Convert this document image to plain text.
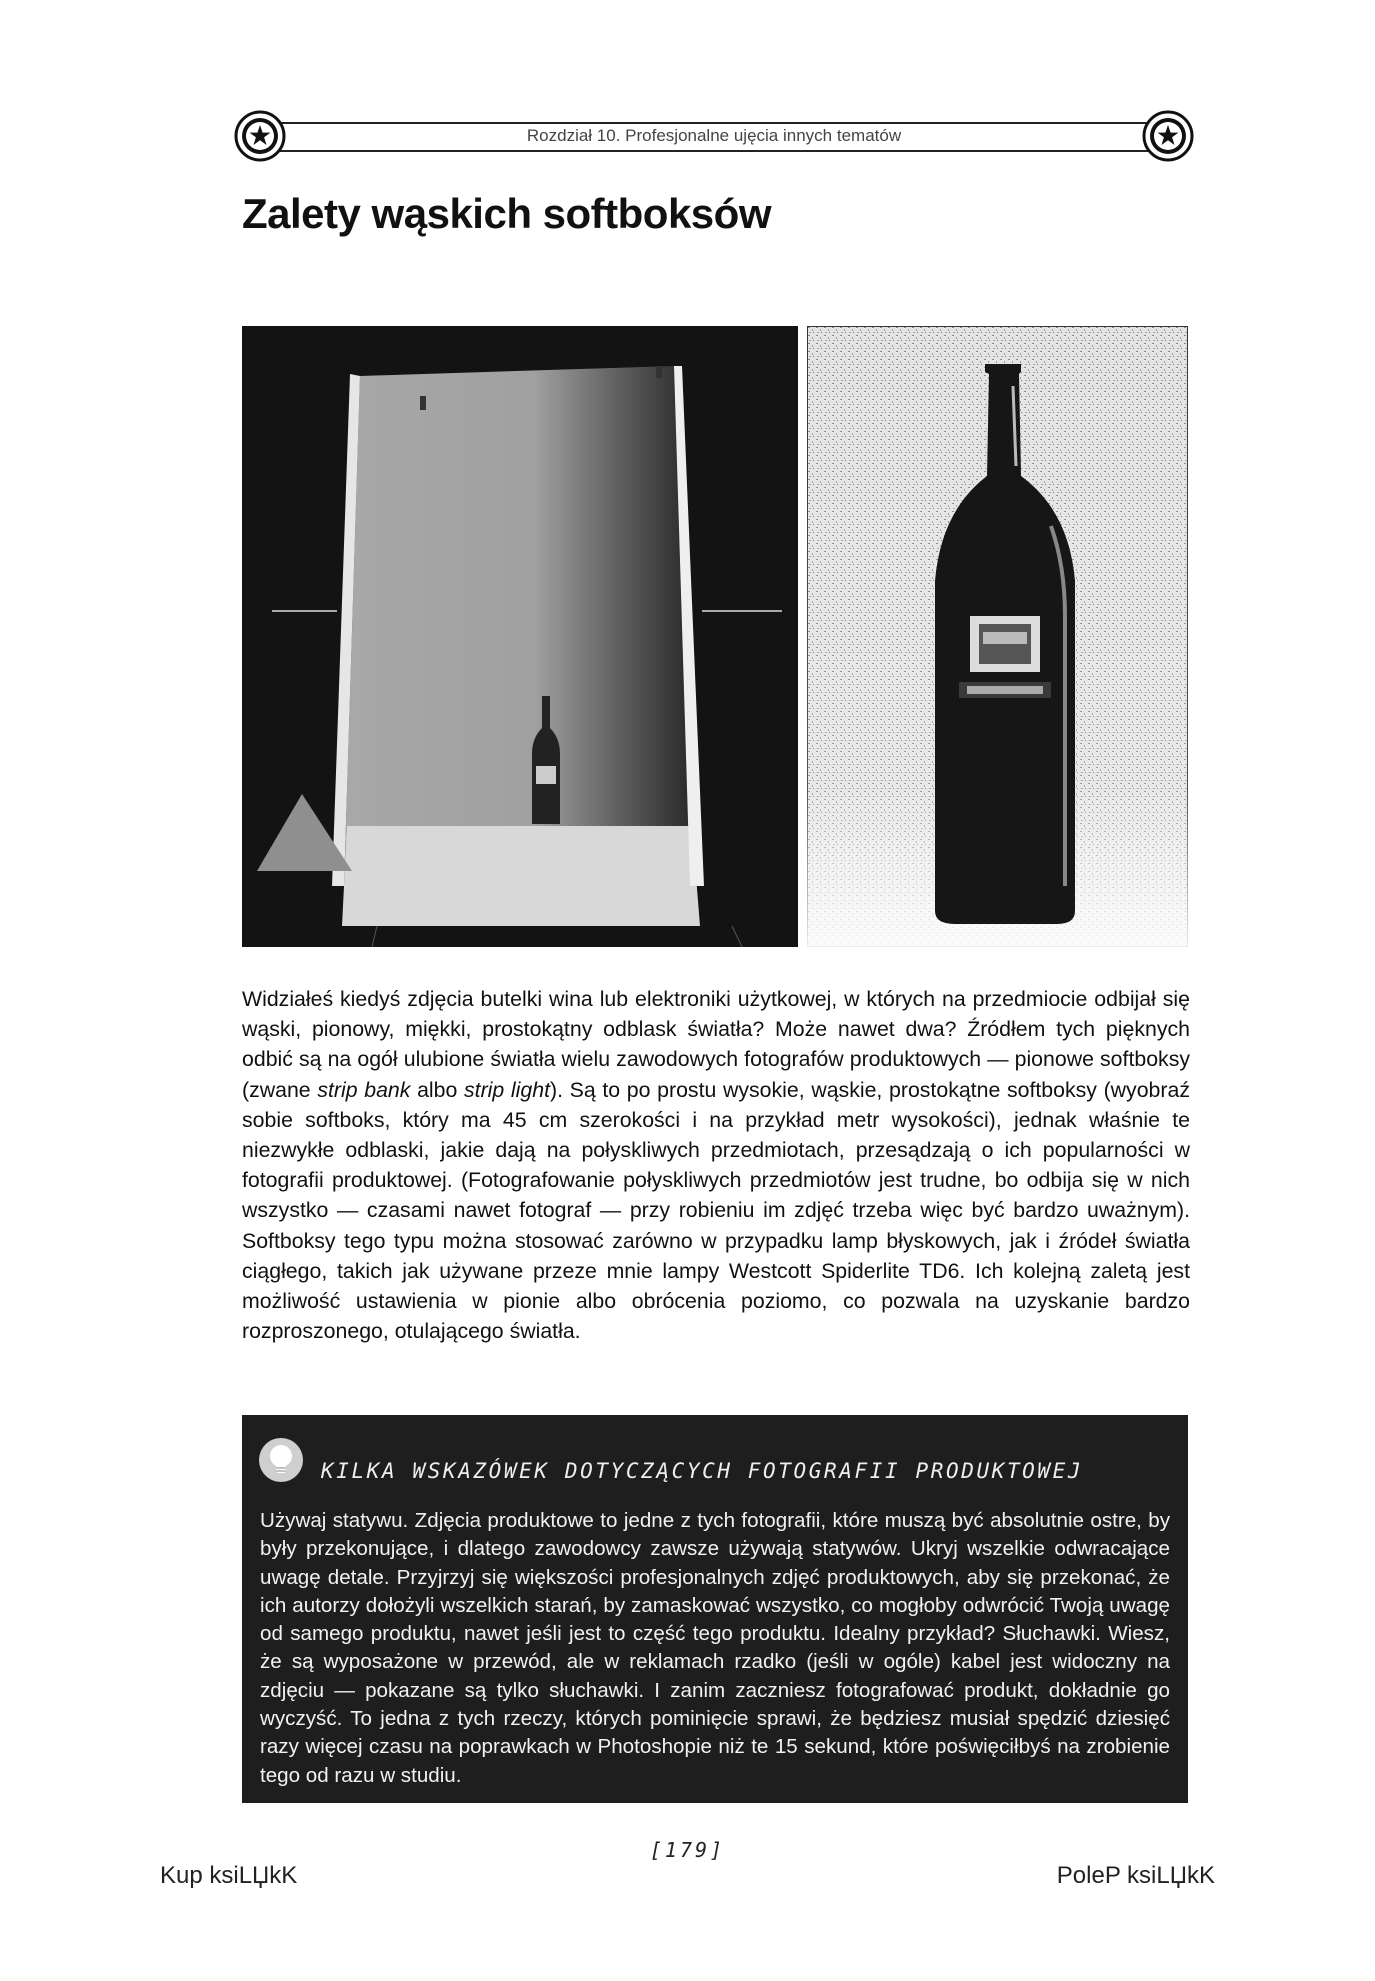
Rozdział 10. Profesjonalne ujęcia innych tematów
Zalety wąskich softboksów

Widziałeś kiedyś zdjęcia butelki wina lub elektroniki użytkowej, w których na przedmiocie odbijał się wąski, pionowy, miękki, prostokątny odblask światła? Może nawet dwa? Źródłem tych pięknych odbić są na ogół ulubione światła wielu zawodowych fotografów produktowych — pionowe softboksy (zwane strip bank albo strip light). Są to po prostu wysokie, wąskie, prostokątne softboksy (wyobraź sobie softboks, który ma 45 cm szerokości i na przykład metr wysokości), jednak właśnie te niezwykłe odblaski, jakie dają na połyskliwych przedmiotach, przesądzają o ich popularności w fotografii produktowej. (Fotografowanie połyskliwych przedmiotów jest trudne, bo odbija się w nich wszystko — czasami nawet fotograf — przy robieniu im zdjęć trzeba więc być bardzo uważnym). Softboksy tego typu można stosować zarówno w przypadku lamp błyskowych, jak i źródeł światła ciągłego, takich jak używane przeze mnie lampy Westcott Spiderlite TD6. Ich kolejną zaletą jest możliwość ustawienia w pionie albo obrócenia poziomo, co pozwala na uzyskanie bardzo rozproszonego, otulającego światła.

KILKA WSKAZÓWEK DOTYCZĄCYCH FOTOGRAFII PRODUKTOWEJ

Używaj statywu. Zdjęcia produktowe to jedne z tych fotografii, które muszą być absolutnie ostre, by były przekonujące, i dlatego zawodowcy zawsze używają statywów. Ukryj wszelkie odwracające uwagę detale. Przyjrzyj się większości profesjonalnych zdjęć produktowych, aby się przekonać, że ich autorzy dołożyli wszelkich starań, by zamaskować wszystko, co mogłoby odwrócić Twoją uwagę od samego produktu, nawet jeśli jest to część tego produktu. Idealny przykład? Słuchawki. Wiesz, że są wyposażone w przewód, ale w reklamach rzadko (jeśli w ogóle) kabel jest widoczny na zdjęciu — pokazane są tylko słuchawki. I zanim zaczniesz fotografować produkt, dokładnie go wyczyść. To jedna z tych rzeczy, których pominięcie sprawi, że będziesz musiał spędzić dziesięć razy więcej czasu na poprawkach w Photoshopie niż te 15 sekund, które poświęciłbyś na zrobienie tego od razu w studiu.

[179]
Kup ksiLЏkK	PoleP ksiLЏkK
